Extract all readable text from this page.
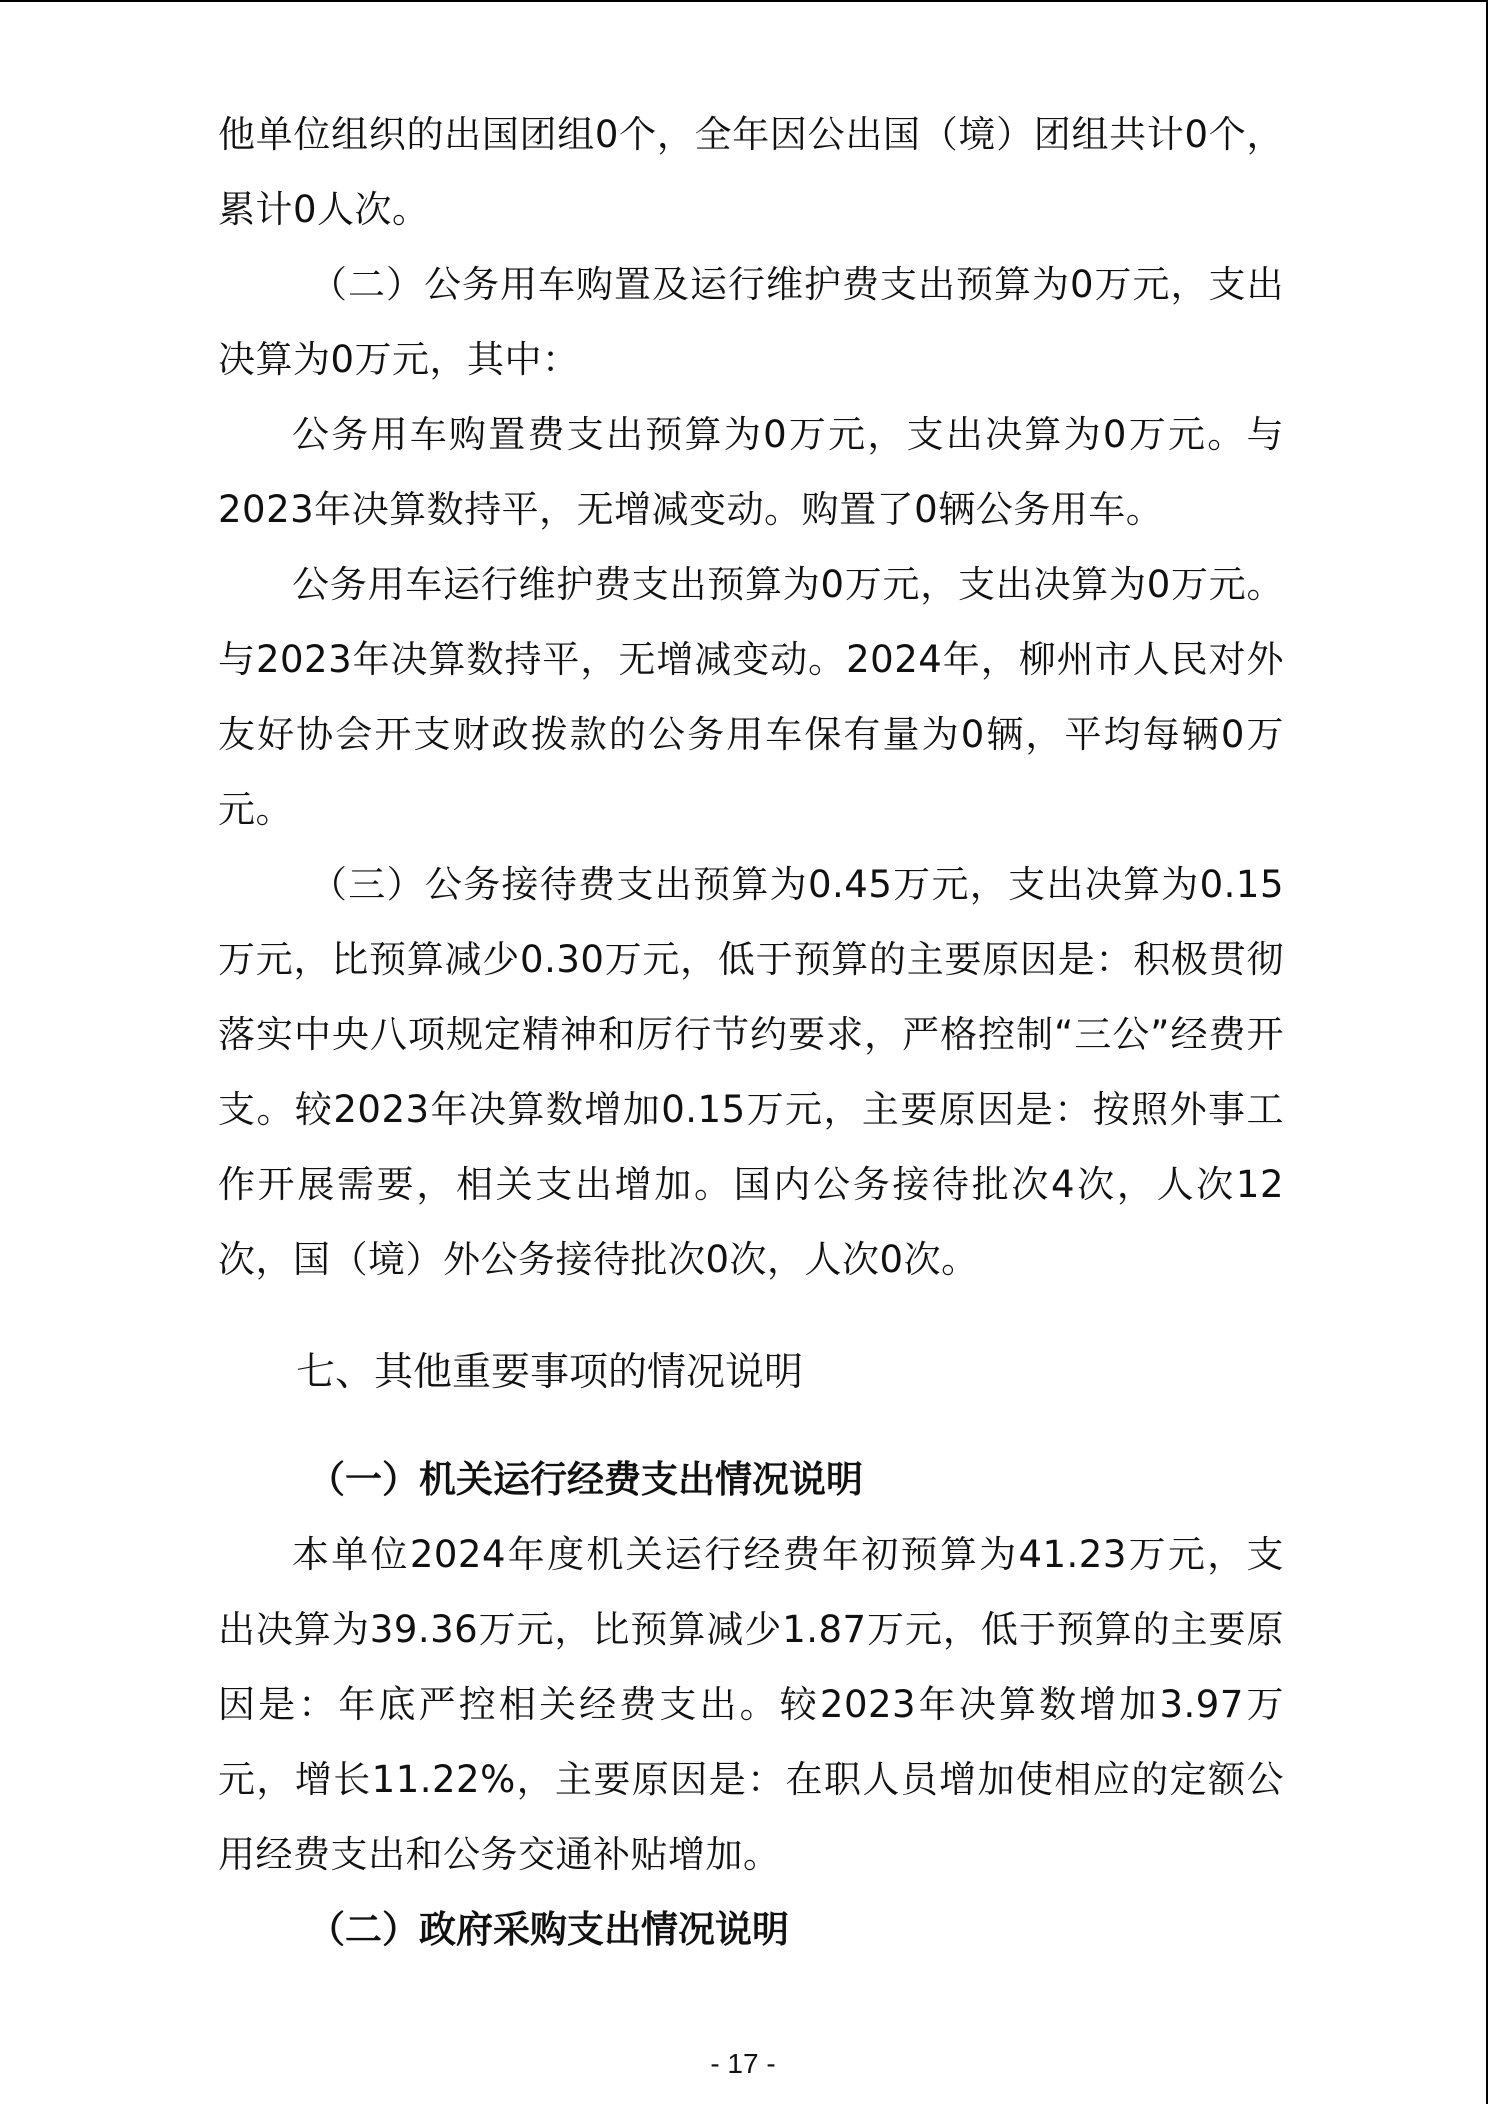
他单位组织的出国团组0个，全年因公出国（境）团组共计0个，累计0人次。

（二）公务用车购置及运行维护费支出预算为0万元，支出决算为0万元，其中：

公务用车购置费支出预算为0万元，支出决算为0万元。与2023年决算数持平，无增减变动。购置了0辆公务用车。

公务用车运行维护费支出预算为0万元，支出决算为0万元。与2023年决算数持平，无增减变动。2024年，柳州市人民对外友好协会开支财政拨款的公务用车保有量为0辆，平均每辆0万元。

（三）公务接待费支出预算为0.45万元，支出决算为0.15万元，比预算减少0.30万元，低于预算的主要原因是：积极贯彻落实中央八项规定精神和厉行节约要求，严格控制“三公”经费开支。较2023年决算数增加0.15万元，主要原因是：按照外事工作开展需要，相关支出增加。国内公务接待批次4次，人次12次，国（境）外公务接待批次0次，人次0次。

七、其他重要事项的情况说明
（一）机关运行经费支出情况说明

本单位2024年度机关运行经费年初预算为41.23万元，支出决算为39.36万元，比预算减少1.87万元，低于预算的主要原因是：年底严控相关经费支出。较2023年决算数增加3.97万元，增长11.22%，主要原因是：在职人员增加使相应的定额公用经费支出和公务交通补贴增加。

（二）政府采购支出情况说明
- 17 -
